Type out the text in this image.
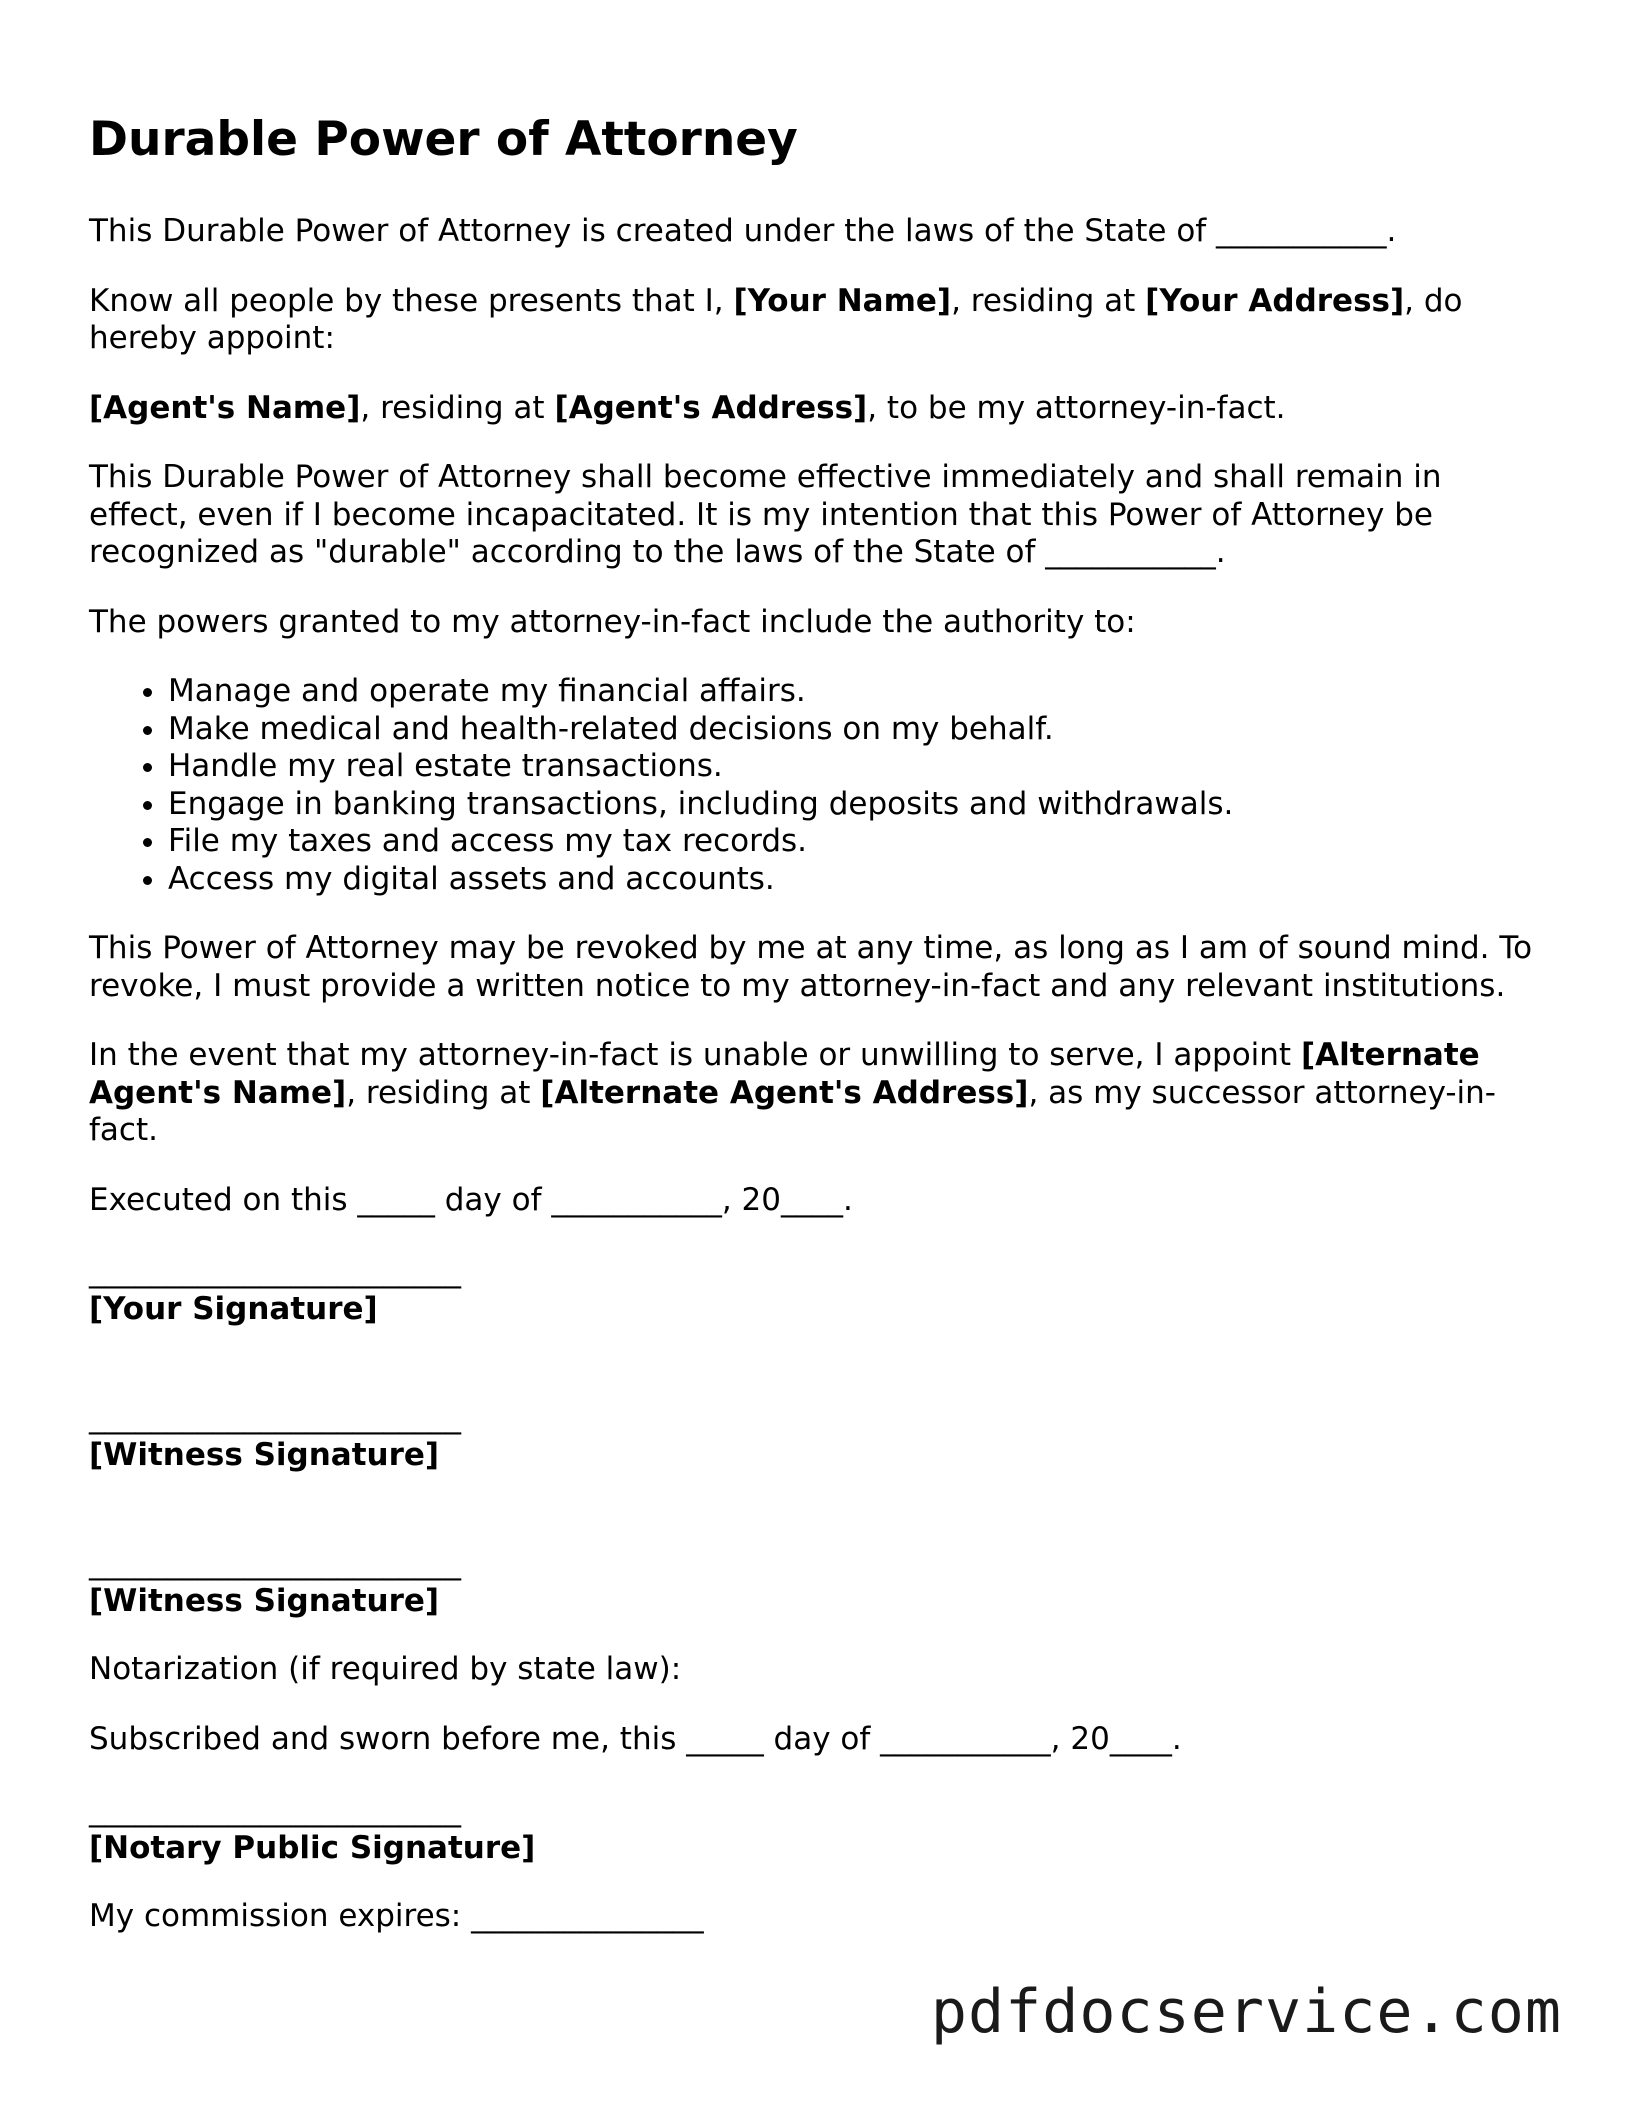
Durable Power of Attorney

This Durable Power of Attorney is created under the laws of the State of ___________.

Know all people by these presents that I, [Your Name], residing at [Your Address], do hereby appoint:

[Agent's Name], residing at [Agent's Address], to be my attorney-in-fact.

This Durable Power of Attorney shall become effective immediately and shall remain in effect, even if I become incapacitated. It is my intention that this Power of Attorney be recognized as "durable" according to the laws of the State of ___________.

The powers granted to my attorney-in-fact include the authority to:

• Manage and operate my financial affairs.
• Make medical and health-related decisions on my behalf.
• Handle my real estate transactions.
• Engage in banking transactions, including deposits and withdrawals.
• File my taxes and access my tax records.
• Access my digital assets and accounts.

This Power of Attorney may be revoked by me at any time, as long as I am of sound mind. To revoke, I must provide a written notice to my attorney-in-fact and any relevant institutions.

In the event that my attorney-in-fact is unable or unwilling to serve, I appoint [Alternate Agent's Name], residing at [Alternate Agent's Address], as my successor attorney-in-fact.

Executed on this _____ day of ___________, 20____.

________________________
[Your Signature]
________________________
[Witness Signature]
________________________
[Witness Signature]

Notarization (if required by state law):

Subscribed and sworn before me, this _____ day of ___________, 20____.

________________________
[Notary Public Signature]

My commission expires: _______________

pdfdocservice.com
